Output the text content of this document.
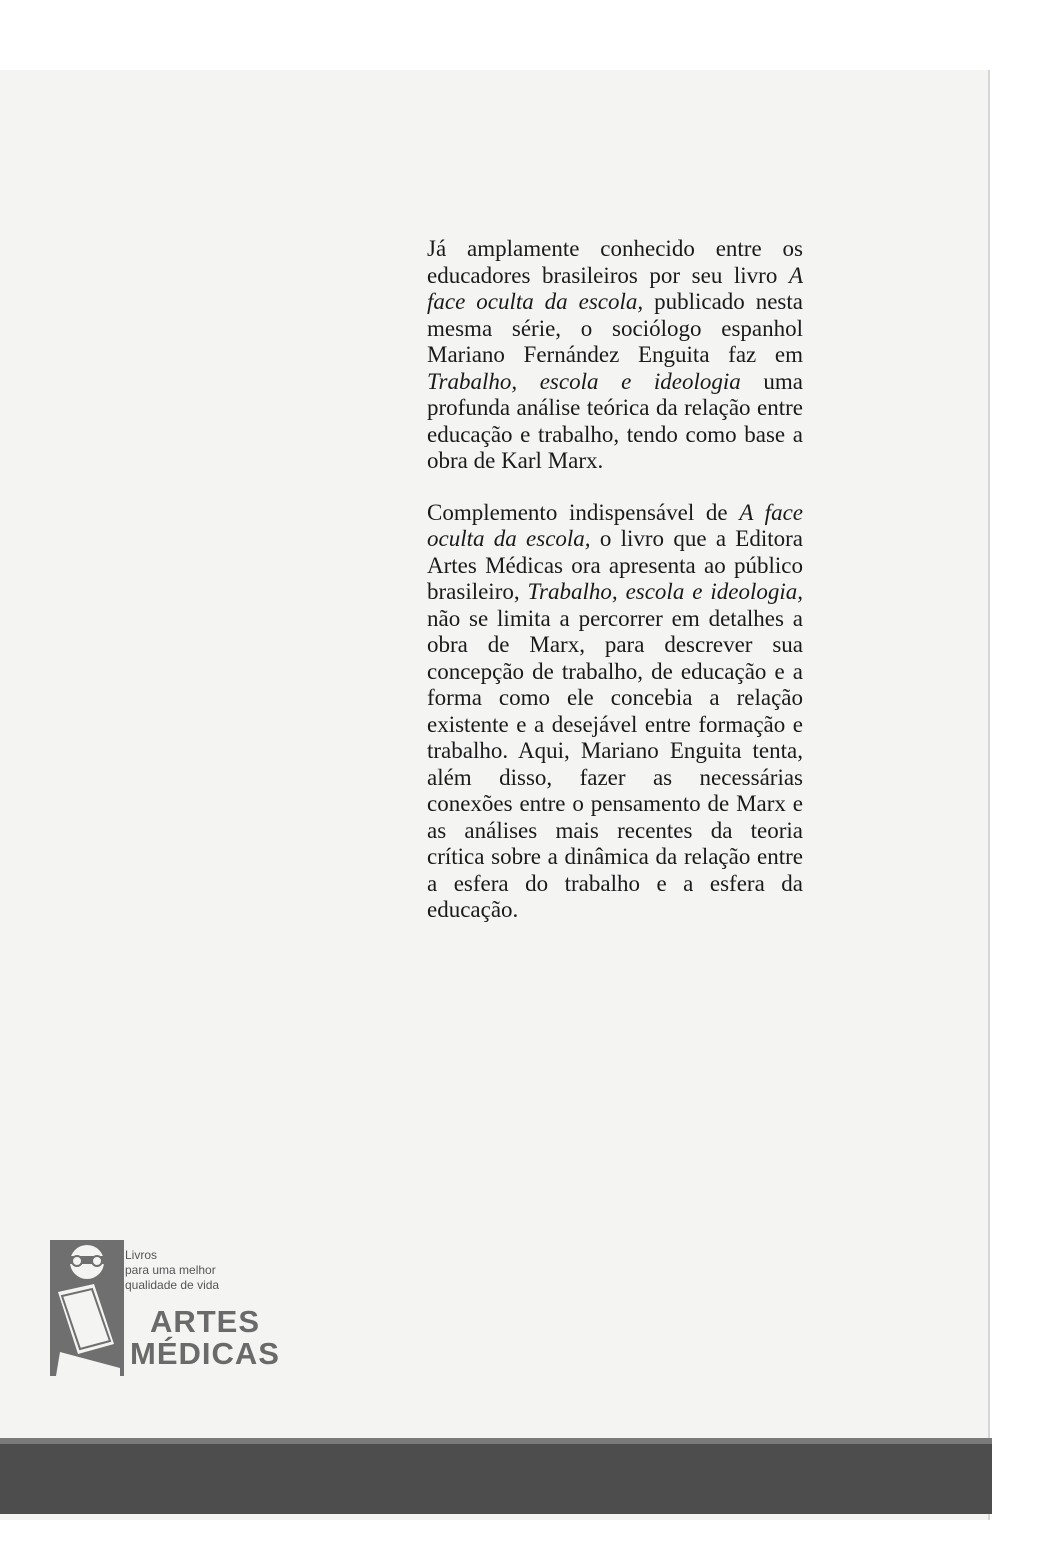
Já amplamente conhecido entre os educadores brasileiros por seu livro A face oculta da escola, publicado nesta mesma série, o sociólogo espanhol Mariano Fernández Enguita faz em Trabalho, escola e ideologia uma profunda análise teórica da relação entre educação e trabalho, tendo como base a obra de Karl Marx.

Complemento indispensável de A face oculta da escola, o livro que a Editora Artes Médicas ora apresenta ao público brasileiro, Trabalho, escola e ideologia, não se limita a percorrer em detalhes a obra de Marx, para descrever sua concepção de trabalho, de educação e a forma como ele concebia a relação existente e a desejável entre formação e trabalho. Aqui, Mariano Enguita tenta, além disso, fazer as necessárias conexões entre o pensamento de Marx e as análises mais recentes da teoria crítica sobre a dinâmica da relação entre a esfera do trabalho e a esfera da educação.

Livros
para uma melhor
qualidade de vida
ARTES
MÉDICAS
